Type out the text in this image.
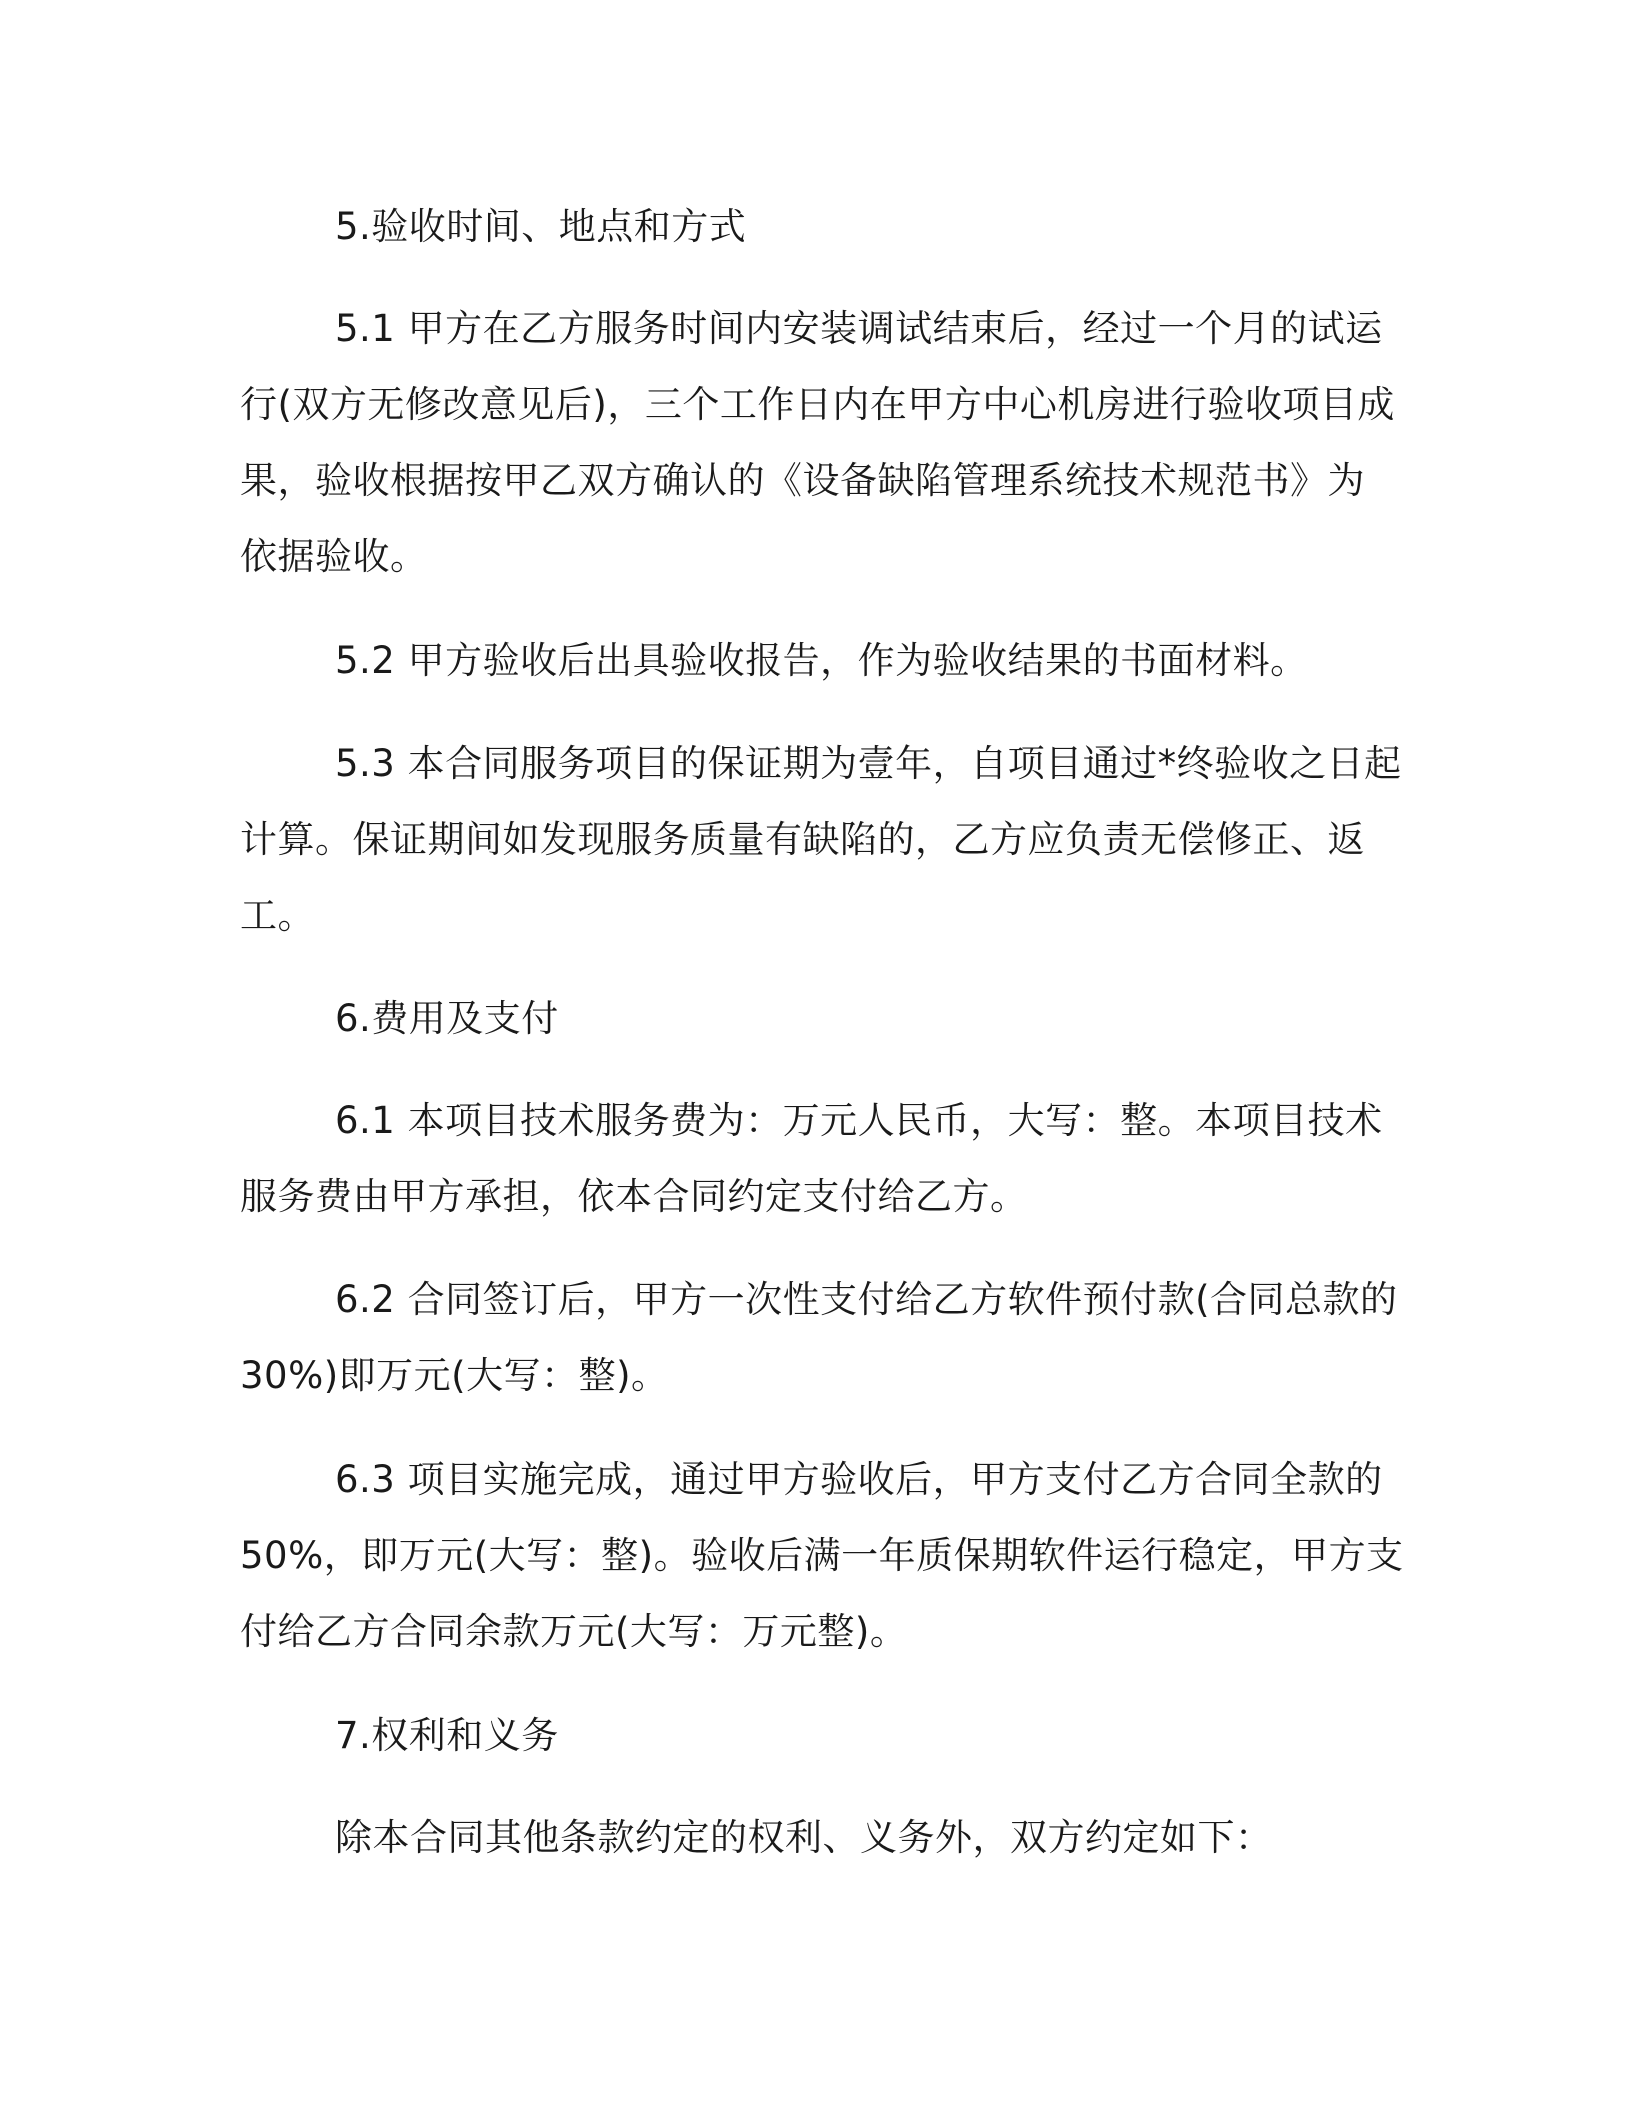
5.验收时间、地点和方式
5.1 甲方在乙方服务时间内安装调试结束后，经过一个月的试运
行(双方无修改意见后)，三个工作日内在甲方中心机房进行验收项目成
果，验收根据按甲乙双方确认的《设备缺陷管理系统技术规范书》为
依据验收。
5.2 甲方验收后出具验收报告，作为验收结果的书面材料。
5.3 本合同服务项目的保证期为壹年，自项目通过*终验收之日起
计算。保证期间如发现服务质量有缺陷的，乙方应负责无偿修正、返
工。
6.费用及支付
6.1 本项目技术服务费为：万元人民币，大写：整。本项目技术
服务费由甲方承担，依本合同约定支付给乙方。
6.2 合同签订后，甲方一次性支付给乙方软件预付款(合同总款的
30%)即万元(大写：整)。
6.3 项目实施完成，通过甲方验收后，甲方支付乙方合同全款的
50%，即万元(大写：整)。验收后满一年质保期软件运行稳定，甲方支
付给乙方合同余款万元(大写：万元整)。
7.权利和义务
除本合同其他条款约定的权利、义务外，双方约定如下：
